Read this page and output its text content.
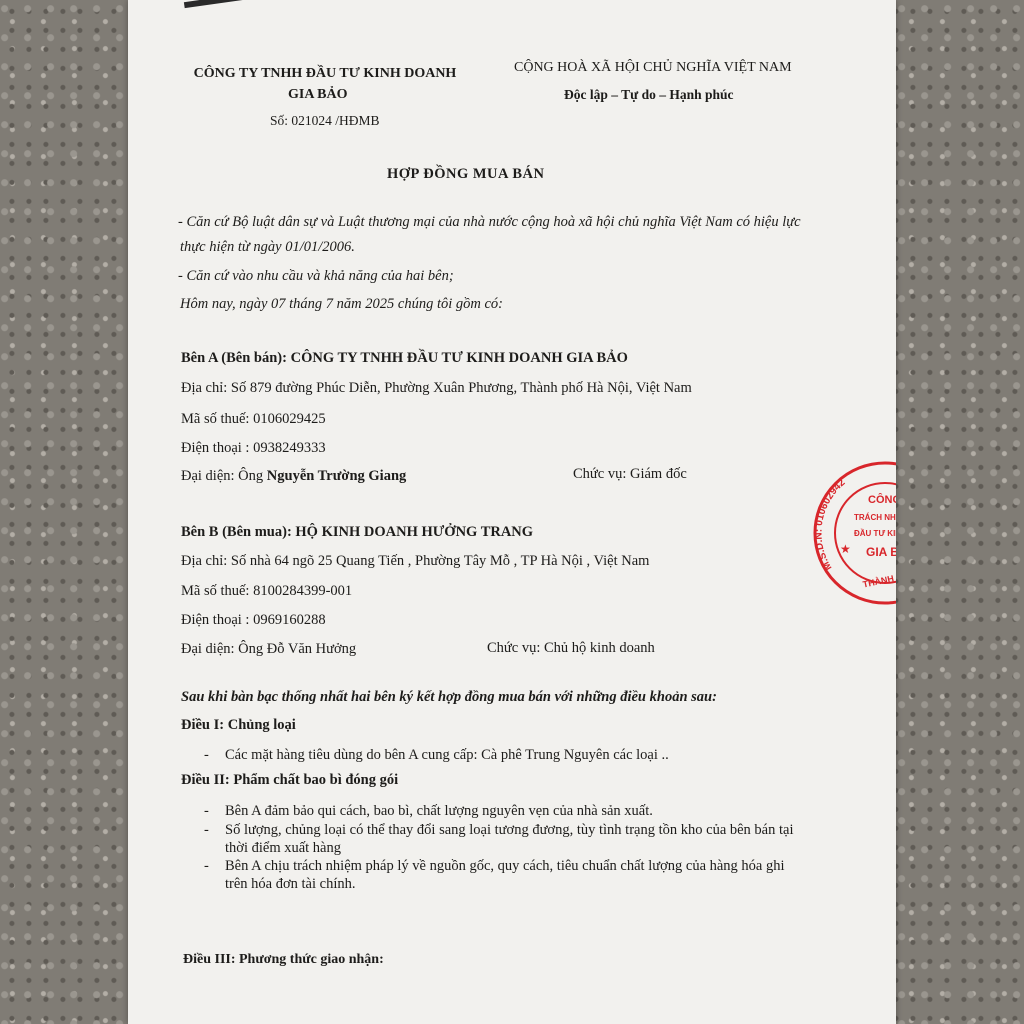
CÔNG TY TNHH ĐẦU TƯ KINH DOANH
GIA BẢO
Số: 021024 /HĐMB
CỘNG HOÀ XÃ HỘI CHỦ NGHĨA VIỆT NAM
Độc lập – Tự do – Hạnh phúc
HỢP ĐỒNG MUA BÁN
- Căn cứ Bộ luật dân sự và Luật thương mại của nhà nước cộng hoà xã hội chủ nghĩa Việt Nam có hiệu lực
thực hiện từ ngày 01/01/2006.
- Căn cứ vào nhu cầu và khả năng của hai bên;
Hôm nay, ngày 07 tháng 7 năm 2025 chúng tôi gồm có:
Bên A (Bên bán): CÔNG TY TNHH ĐẦU TƯ KINH DOANH GIA BẢO
Địa chỉ: Số 879 đường Phúc Diễn, Phường Xuân Phương, Thành phố Hà Nội, Việt Nam
Mã số thuế: 0106029425
Điện thoại : 0938249333
Đại diện: Ông Nguyễn Trường Giang	Chức vụ: Giám đốc
Bên B (Bên mua): HỘ KINH DOANH HƯỞNG TRANG
Địa chỉ: Số nhà 64 ngõ 25 Quang Tiến , Phường Tây Mỗ , TP Hà Nội , Việt Nam
Mã số thuế: 8100284399-001
Điện thoại : 0969160288
Đại diện: Ông Đỗ Văn Hưởng	Chức vụ: Chủ hộ kinh doanh
Sau khi bàn bạc thống nhất hai bên ký kết hợp đồng mua bán với những điều khoản sau:
Điều I: Chủng loại
- Các mặt hàng tiêu dùng do bên A cung cấp: Cà phê Trung Nguyên các loại ..
Điều II: Phẩm chất bao bì đóng gói
- Bên A đảm bảo qui cách, bao bì, chất lượng nguyên vẹn của nhà sản xuất.
- Số lượng, chủng loại có thể thay đổi sang loại tương đương, tùy tình trạng tồn kho của bên bán tại
thời điểm xuất hàng
- Bên A chịu trách nhiệm pháp lý về nguồn gốc, quy cách, tiêu chuẩn chất lượng của hàng hóa ghi
trên hóa đơn tài chính.
Điều III: Phương thức giao nhận:
M.S.D.N: 010602942
CÔNG
TRÁCH NHIỆ
ĐẦU TƯ KIN
GIA B
★
THÀNH PH
